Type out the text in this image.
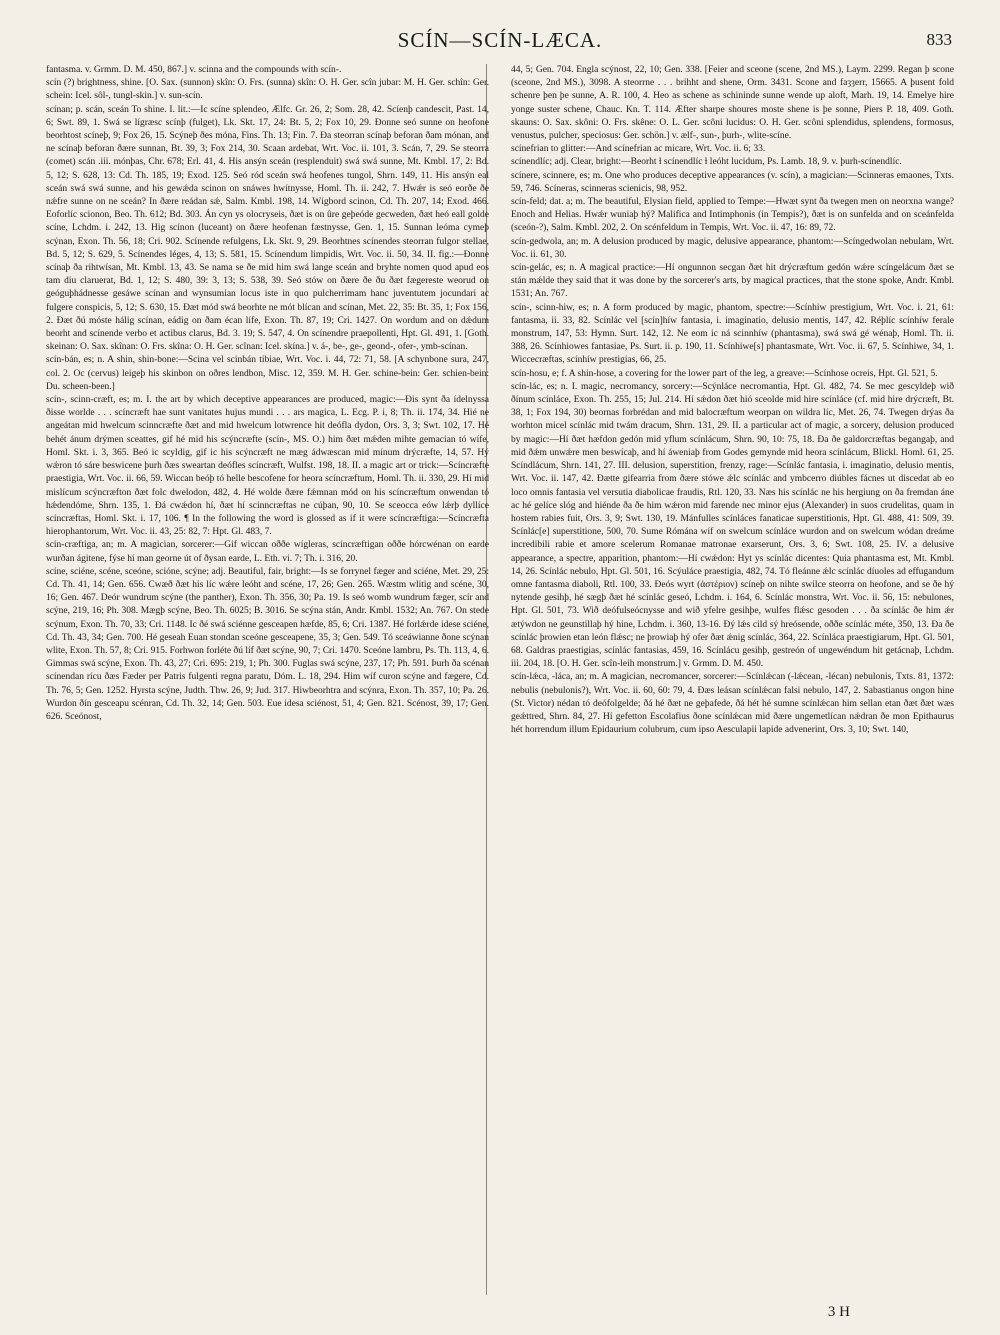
SCÍN—SCÍN-LÆCA.	833

fantasma. v. Grmm. D. M. 450, 867.] v. scinna and the compounds with scín-.

scín (?) brightness, shine. [O. Sax. (sunnon) skîn: O. Frs. (sunna) skîn: O. H. Ger. scîn jubar: M. H. Ger. schîn: Ger. schein: Icel. sôl-, tungl-skin.] v. sun-scín.

scínan; p. scán, sceán To shine. I. lit.:—Ic scíne splendeo, Ælfc. Gr. 26, 2; Som. 28, 42. Scíenþ candescit, Past. 14, 6; Swt. 89, 1. Swá se lígræsc scínþ (fulget), Lk. Skt. 17, 24: Bt. 5, 2; Fox 10, 29. Ðonne seó sunne on heofone beorhtost scíneþ, 9; Fox 26, 15. Scýneþ ðes móna, Fins. Th. 13; Fin. 7. Ða steorran scínaþ beforan ðam mónan, and ne scínaþ beforan ðære sunnan, Bt. 39, 3; Fox 214, 30. Scaan ardebat, Wrt. Voc. ii. 101, 3. Scán, 7, 29. Se steorra (comet) scán .iii. mónþas, Chr. 678; Erl. 41, 4. His ansýn sceán (resplenduit) swá swá sunne, Mt. Kmbl. 17, 2: Bd. 5, 12; S. 628, 13: Cd. Th. 185, 19; Exod. 125. Seó ród sceán swá heofenes tungol, Shrn. 149, 11. His ansýn eal sceán swá swá sunne, and his gewǽda scinon on snáwes hwítnysse, Homl. Th. ii. 242, 7. Hwǽr is seó eorðe ðe nǽfre sunne on ne sceán? In ðære reádan sǽ, Salm. Kmbl. 198, 14. Wígbord scinon, Cd. Th. 207, 14; Exod. 466. Eoforlíc scionon, Beo. Th. 612; Bd. 303. Án cyn ys olocryseis, ðæt is on ûre geþeóde gecweden, ðæt heó eall golde scíne, Lchdm. i. 242, 13. Hig scínon (luceant) on ðære heofenan fæstnysse, Gen. 1, 15. Sunnan leóma cymeþ scýnan, Exon. Th. 56, 18; Cri. 902. Scínende refulgens, Lk. Skt. 9, 29. Beorhtnes scínendes steorran fulgor stellae, Bd. 5, 12; S. 629, 5. Scínendes léges, 4, 13; S. 581, 15. Scínendum limpidis, Wrt. Voc. ii. 50, 34. II. fig.:—Ðonne scínaþ ða rihtwísan, Mt. Kmbl. 13, 43. Se nama se ðe mid him swá lange sceán and bryhte nomen quod apud eos tam diu claruerat, Bd. 1, 12; S. 480, 39: 3, 13; S. 538, 39. Seó stów on ðære ðe ðu ðæt fægereste weorud on geóguþhádnesse gesáwe scínan and wynsumian locus iste in quo pulcherrimam hanc juventutem jocundari ac fulgere conspicis, 5, 12; S. 630, 15. Ðæt mód swá beorhte ne mót blícan and scínan, Met. 22, 35: Bt. 35, 1; Fox 156, 2. Ðæt ðú móste hálig scínan, eádig on ðam écan lífe, Exon. Th. 87, 19; Cri. 1427. On wordum and on dǽdum beorht and scínende verbo et actibus clarus, Bd. 3. 19; S. 547, 4. On scínendre praepollenti, Hpt. Gl. 491, 1. [Goth. skeinan: O. Sax. skînan: O. Frs. skîna: O. H. Ger. scînan: Icel. skína.] v. á-, be-, ge-, geond-, ofer-, ymb-scínan.

scín-bán, es; n. A shin, shin-bone:—Scina vel scinbán tibiae, Wrt. Voc. i. 44, 72: 71, 58. [A schynbone sura, 247, col. 2. Oc (cervus) leigeþ his skinbon on oðres lendbon, Misc. 12, 359. M. H. Ger. schine-bein: Ger. schien-bein: Du. scheen-been.]

scín-, scinn-cræft, es; m. I. the art by which deceptive appearances are produced, magic:—Ðis synt ða ídelnyssa ðisse worlde . . . scíncræft hae sunt vanitates hujus mundi . . . ars magica, L. Ecg. P. i, 8; Th. ii. 174, 34. Hié ne angeátan mid hwelcum scinncræfte ðæt and mid hwelcum lotwrence hit deófla dydon, Ors. 3, 3; Swt. 102, 17. Hé behét ánum drýmen sceattes, gif hé mid his scýncræfte (scín-, MS. O.) him ðæt mǽden mihte gemacian tó wífe, Homl. Skt. i. 3, 365. Beó ic scyldig, gif ic his scýncræft ne mæg ádwæscan mid mínum drýcræfte, 14, 57. Hý wǽron tó sáre beswicene þurh ðæs sweartan deófles scíncræft, Wulfst. 198, 18. II. a magic art or trick:—Scíncræfte praestigia, Wrt. Voc. ii. 66, 59. Wiccan beóþ tó helle bescofene for heora scíncræftum, Homl. Th. ii. 330, 29. Hí mid mislícum scýncræfton ðæt folc dwelodon, 482, 4. Hé wolde ðære fǽmnan mód on his scíncræftum onwendan tó hǽdendóme, Shrn. 135, 1. Ðá cwǽdon hí, ðæt hí scinncræftas ne cúþan, 90, 10. Se sceocca eów lǽrþ dyllíce scíncræftas, Homl. Skt. i. 17, 106. ¶ In the following the word is glossed as if it were scíncræftiga:—Scíncræfta hierophantorum, Wrt. Voc. ii. 43, 25: 82, 7: Hpt. Gl. 483, 7.

scín-cræftiga, an; m. A magician, sorcerer:—Gif wiccan oððe wígleras, scíncræftigan oððe hórcwénan on earde wurðan ágitene, fýse hí man georne út of ðysan earde, L. Eth. vi. 7; Th. i. 316, 20.

scíne, sciéne, scéne, sceóne, scióne, scýne; adj. Beautiful, fair, bright:—Is se forrynel fæger and sciéne, Met. 29, 25: Cd. Th. 41, 14; Gen. 656. Cwæð ðæt his líc wǽre leóht and scéne, 17, 26; Gen. 265. Wæstm wlitig and scéne, 30, 16; Gen. 467. Deór wundrum scýne (the panther), Exon. Th. 356, 30; Pa. 19. Is seó womb wundrum fæger, scír and scýne, 219, 16; Ph. 308. Mægþ scýne, Beo. Th. 6025; B. 3016. Se scýna stán, Andr. Kmbl. 1532; An. 767. On stede scýnum, Exon. Th. 70, 33; Cri. 1148. Ic ðé swá sciénne gesceapen hæfde, 85, 6; Cri. 1387. Hé forlǽrde idese sciéne, Cd. Th. 43, 34; Gen. 700. Hé geseah Euan stondan sceóne gesceapene, 35, 3; Gen. 549. Tó sceáwianne ðone scýnan wlite, Exon. Th. 57, 8; Cri. 915. Forhwon forléte ðú líf ðæt scýne, 90, 7; Cri. 1470. Sceóne lambru, Ps. Th. 113, 4, 6. Gimmas swá scýne, Exon. Th. 43, 27; Cri. 695: 219, 1; Ph. 300. Fuglas swá scýne, 237, 17; Ph. 591. Þurh ða scénan scínendan rícu ðæs Fæder per Patris fulgenti regna paratu, Dóm. L. 18, 294. Him wíf curon scýne and fægere, Cd. Th. 76, 5; Gen. 1252. Hyrsta scýne, Judth. Thw. 26, 9; Jud. 317. Hiwbeorhtra and scýnra, Exon. Th. 357, 10; Pa. 26. Wurdon ðín gesceapu scénran, Cd. Th. 32, 14; Gen. 503. Eue idesa sciénost, 51, 4; Gen. 821. Scénost, 39, 17; Gen. 626. Sceónost,

44, 5; Gen. 704. Engla scýnost, 22, 10; Gen. 338. [Feier and sceone (scene, 2nd MS.), Laym. 2299. Regan þ scone (sceone, 2nd MS.), 3098. A steorrne . . . brihht and shene, Orm. 3431. Scone and faȝȝerr, 15665. A þusent fold schenre þen þe sunne, A. R. 100, 4. Heo as schene as schininde sunne wende up aloft, Marh. 19, 14. Emelye hire yonge suster schene, Chauc. Kn. T. 114. Æfter sharpe shoures moste shene is þe sonne, Piers P. 18, 409. Goth. skauns: O. Sax. skôni: O. Frs. skêne: O. L. Ger. scôni lucidus: O. H. Ger. scôni splendidus, splendens, formosus, venustus, pulcher, speciosus: Ger. schön.] v. ælf-, sun-, þurh-, wlite-scíne.

scínefrian to glitter:—And scínefrian ac micare, Wrt. Voc. ii. 6; 33.

scínendlíc; adj. Clear, bright:—Beorht ɫ scínendlíc ɫ leóht lucidum, Ps. Lamb. 18, 9. v. þurh-scínendlíc.

scínere, scinnere, es; m. One who produces deceptive appearances (v. scín), a magician:—Scinneras emaones, Txts. 59, 746. Scíneras, scinneras scienicis, 98, 952.

scín-feld; dat. a; m. The beautiful, Elysian field, applied to Tempe:—Hwæt synt ða twegen men on neorxna wange? Enoch and Helias. Hwǽr wuniaþ hý? Malifica and Intimphonis (in Tempis?), ðæt is on sunfelda and on sceánfelda (sceón-?), Salm. Kmbl. 202, 2. On scénfeldum in Tempis, Wrt. Voc. ii. 47, 16: 89, 72.

scín-gedwola, an; m. A delusion produced by magic, delusive appearance, phantom:—Scíngedwolan nebulam, Wrt. Voc. ii. 61, 30.

scín-gelác, es; n. A magical practice:—Hí ongunnon secgan ðæt hit drýcræftum gedón wǽre scíngelácum ðæt se stán mǽlde they said that it was done by the sorcerer's arts, by magical practices, that the stone spoke, Andr. Kmbl. 1531; An. 767.

scín-, scinn-hiw, es; n. A form produced by magic, phantom, spectre:—Scínhiw prestigium, Wrt. Voc. i. 21, 61: fantasma, ii. 33, 82. Scínlác vel [scín]híw fantasia, i. imaginatio, delusio mentis, 147, 42. Réþlíc scínhíw ferale monstrum, 147, 53: Hymn. Surt. 142, 12. Ne eom ic ná scinnhíw (phantasma), swá swá gé wénaþ, Homl. Th. ii. 388, 26. Scínhiowes fantasiae, Ps. Surt. ii. p. 190, 11. Scínhiwe[s] phantasmate, Wrt. Voc. ii. 67, 5. Scínhiwe, 34, 1. Wiccecræftas, scínhíw prestigias, 66, 25.

scín-hosu, e; f. A shin-hose, a covering for the lower part of the leg, a greave:—Scínhose ocreis, Hpt. Gl. 521, 5.

scín-lác, es; n. I. magic, necromancy, sorcery:—Scýnláce necromantia, Hpt. Gl. 482, 74. Se mec gescyldeþ wið ðínum scínláce, Exon. Th. 255, 15; Jul. 214. Hí sǽdon ðæt hió sceolde mid hire scínláce (cf. mid hire drýcræft, Bt. 38, 1; Fox 194, 30) beornas forbrédan and mid balocræftum weorpan on wildra líc, Met. 26, 74. Twegen drýas ða worhton micel scínlác mid twám dracum, Shrn. 131, 29. II. a particular act of magic, a sorcery, delusion produced by magic:—Hí ðæt hæfdon gedón mid yflum scínlácum, Shrn. 90, 10: 75, 18. Ða ðe galdorcræftas begangaþ, and mid ðǽm unwǽre men beswícaþ, and hí áweniaþ from Godes gemynde mid heora scínlácum, Blickl. Homl. 61, 25. Scíndlácum, Shrn. 141, 27. III. delusion, superstition, frenzy, rage:—Scínlác fantasia, i. imaginatio, delusio mentis, Wrt. Voc. ii. 147, 42. Ðætte gifearria from ðære stówe ǽlc scínlác and ymbcerro diúbles fácnes ut discedat ab eo loco omnis fantasia vel versutia diabolicae fraudis, Rtl. 120, 33. Næs his scínlác ne his hergiung on ða fremdan áne ac hé gelíce slóg and hiénde ða ðe him wǽron mid farende nec minor ejus (Alexander) in suos crudelitas, quam in hostem rabies fuit, Ors. 3, 9; Swt. 130, 19. Mánfulles scínláces fanaticae superstitionis, Hpt. Gl. 488, 41: 509, 39. Scínlác[e] superstitione, 500, 70. Sume Rómána wíf on swelcum scínláce wurdon and on swelcum wódan dreáme incredibili rabie et amore scelerum Romanae matronae exarserunt, Ors. 3, 6; Swt. 108, 25. IV. a delusive appearance, a spectre, apparition, phantom:—Hí cwǽdon: Hyt ys scínlác dicentes: Quia phantasma est, Mt. Kmbl. 14, 26. Scínlác nebulo, Hpt. Gl. 501, 16. Scýuláce praestigia, 482, 74. Tó fleánne ǽlc scínlác díuoles ad effugandum omne fantasma diaboli, Rtl. 100, 33. Ðeós wyrt (ἀστέριον) scíneþ on nihte swilce steorra on heofone, and se ðe hý nytende gesihþ, hé sægþ ðæt hé scínlác geseó, Lchdm. i. 164, 6. Scínlác monstra, Wrt. Voc. ii. 56, 15: nebulones, Hpt. Gl. 501, 73. Wið deófulseócnysse and wið yfelre gesihþe, wulfes flǽsc gesoden . . . ða scínlác ðe him ǽr ætýwdon ne geunstillaþ hý hine, Lchdm. i. 360, 13-16. Ðý lǽs cild sý hreósende, oððe scínlác méte, 350, 13. Ða ðe scínlác þrowien etan león flǽsc; ne þrowiaþ hý ofer ðæt ǽnig scínlác, 364, 22. Scínláca praestigiarum, Hpt. Gl. 501, 68. Galdras praestigias, scínlác fantasias, 459, 16. Scínlácu gesihþ, gestreón of ungewéndum hit getácnaþ, Lchdm. iii. 204, 18. [O. H. Ger. scîn-leih monstrum.] v. Grmm. D. M. 450.

scín-lǽca, -láca, an; m. A magician, necromancer, sorcerer:—Scínlǽcan (-lǽcean, -lécan) nebulonis, Txts. 81, 1372: nebulis (nebulonis?), Wrt. Voc. ii. 60, 60: 79, 4. Ðæs leásan scínlǽcan falsi nebulo, 147, 2. Sabastianus ongon hine (St. Victor) nédan tó deófolgelde; ðá hé ðæt ne geþafede, ðá hét hé sumne scínlǽcan him sellan etan ðæt ðæt wæs geǽttred, Shrn. 84, 27. Hí gefetton Escolafius ðone scínlǽcan mid ðære ungemetlícan nǽdran ðe mon Epithaurus hét horrendum illum Epidaurium colubrum, cum ipso Aesculapii lapide advenerint, Ors. 3, 10; Swt. 140,

3 H
